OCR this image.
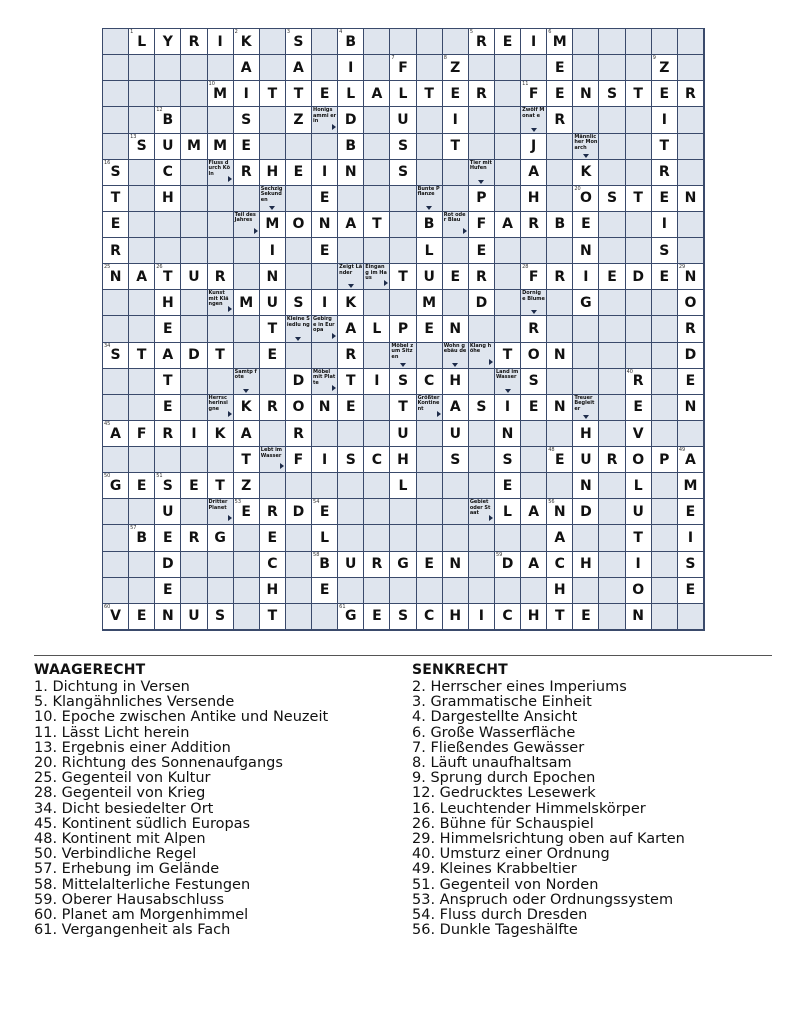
1
L	Y	R	I
2
K
3
S
4
B
5
R	E	I
6
M
A	A	I
7
F
8
Z	E
9
Z
10
M	I	T	T	E	L	A	L	T	E	R
11
F	E	N	S	T	E	R
12
B	S	Z
Honigs ammi erin	D	U	I
Zwölf Monat e	R	I
13
S	U M M	E	B	S	T	J
Männlic her Monarch	T
16
S	C
Fluss durch Köln	R	H	E	I	N	S
Tier mit Hufen	A	K	R
T	H
Sechzig Sekund en	E
Bunte Pflanze	P	H
20
O	S	T	E	N
E
Teil des Jahres M O	N	A	T	B
Rot oder Blau	F	A	R	B	E	I
R	I	E	L	E	N	S
25
N	A
26
T	U	R	N
Zeigt Länder
Eingan g im Haus	T	U	E	R
28
F	R	I	E	D	E
29
N
H
Kunst mit Klängen	M U	S	I	K	M	D
Dornig e Blume	G	O
E	T
Kleine Siedlu ng
Gebirg e in Europa	A	L	P	E	N	R	R
34
S	T	A	D	T	E	R
Möbel zum Sitzen
Wohn gebäu de
Klang höhe	T	O	N	D
T
Samtp fote	D
Möbel mit Platte	T	I	S	C	H
Land im Wasser S
40
R	E
E
Herrsc herinsi gne	K	R	O	N	E	T
Größter Kontine nt	A	S	I	E	N
Treuer Begleit er	E	N
45
A	F	R	I	K	A	R	U	U	N	H	V
T
Lebt im Wasser F	I	S	C	H	S	S
48
E	U	R	O	P
49
A
50
G	E
51
S	E	T	Z	L	E	N	L	M
U
Dritter Planet
53
E	R	D
54
E
Gebiet oder Staat	L	A
56
N	D	U	E
57
B	E	R	G	E	L	A	T	I
D	C
58
B	U	R	G	E	N
59
D	A	C	H	I	S
E	H	E	H	O	E
60
V	E	N	U	S	T
61
G	E	S	C	H	I	C	H	T	E	N
WAAGERECHT
1. Dichtung in Versen
5. Klangähnliches Versende
10. Epoche zwischen Antike und Neuzeit
11. Lässt Licht herein
13. Ergebnis einer Addition
20. Richtung des Sonnenaufgangs
25. Gegenteil von Kultur
28. Gegenteil von Krieg
34. Dicht besiedelter Ort
45. Kontinent südlich Europas
48. Kontinent mit Alpen
50. Verbindliche Regel
57. Erhebung im Gelände
58. Mittelalterliche Festungen
59. Oberer Hausabschluss
60. Planet am Morgenhimmel
61. Vergangenheit als Fach
SENKRECHT
2. Herrscher eines Imperiums
3. Grammatische Einheit
4. Dargestellte Ansicht
6. Große Wasserfläche
7. Fließendes Gewässer
8. Läuft unaufhaltsam
9. Sprung durch Epochen
12. Gedrucktes Lesewerk
16. Leuchtender Himmelskörper
26. Bühne für Schauspiel
29. Himmelsrichtung oben auf Karten
40. Umsturz einer Ordnung
49. Kleines Krabbeltier
51. Gegenteil von Norden
53. Anspruch oder Ordnungssystem
54. Fluss durch Dresden
56. Dunkle Tageshälfte
